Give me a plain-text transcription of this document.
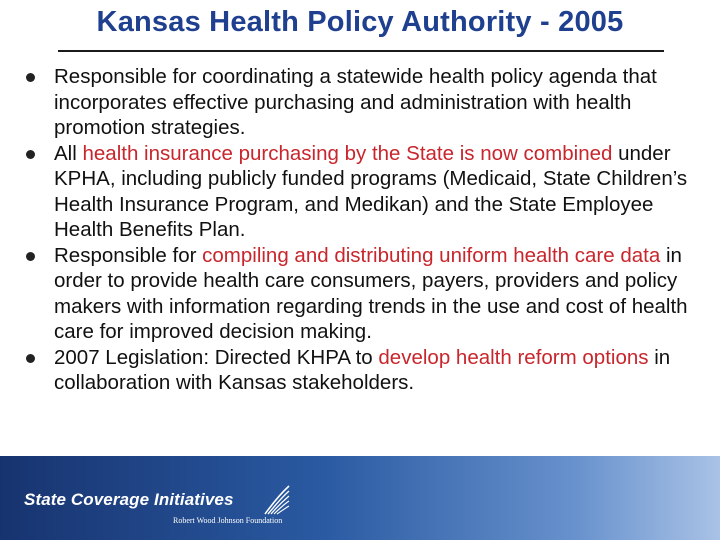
Kansas Health Policy Authority - 2005
Responsible for coordinating a statewide health policy agenda that incorporates effective purchasing and administration with health promotion strategies.
All health insurance purchasing by the State is now combined under KPHA, including publicly funded programs (Medicaid, State Children’s Health Insurance Program, and Medikan) and the State Employee Health Benefits Plan.
Responsible for compiling and distributing uniform health care data in order to provide health care consumers, payers, providers and policy makers with information regarding trends in the use and cost of health care for improved decision making.
2007 Legislation: Directed KHPA to develop health reform options in collaboration with Kansas stakeholders.
State Coverage Initiatives
Robert Wood Johnson Foundation
